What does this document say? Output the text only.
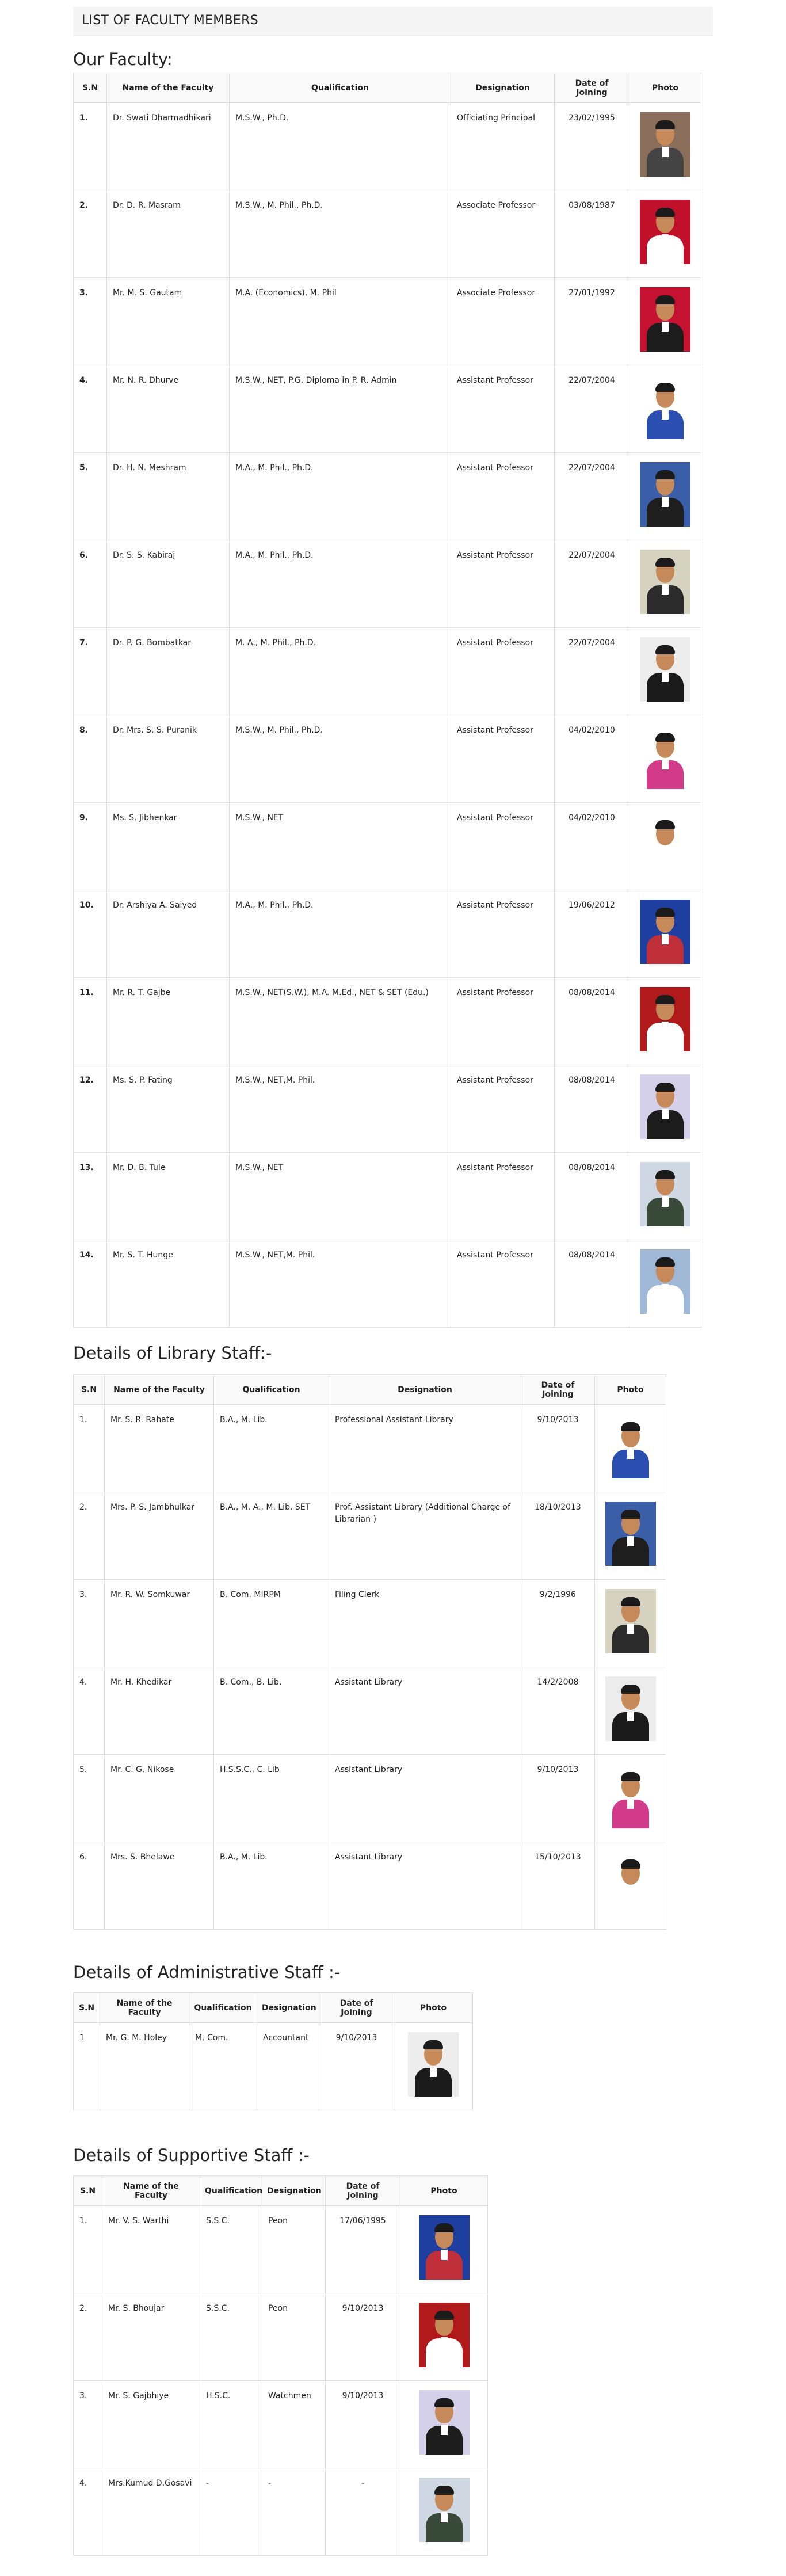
LIST OF FACULTY MEMBERS
Our Faculty:
S.N	Name of the Faculty	Qualification	Designation	Date of Joining	Photo
1.	Dr. Swati Dharmadhikari	M.S.W., Ph.D.	Officiating Principal	23/02/1995	

2.	Dr. D. R. Masram	M.S.W., M. Phil., Ph.D.	Associate Professor	03/08/1987	

3.	Mr. M. S. Gautam	M.A. (Economics), M. Phil	Associate Professor	27/01/1992	

4.	Mr. N. R. Dhurve	M.S.W., NET, P.G. Diploma in P. R. Admin	Assistant Professor	22/07/2004	

5.	Dr. H. N. Meshram	M.A., M. Phil., Ph.D.	Assistant Professor	22/07/2004	

6.	Dr. S. S. Kabiraj	M.A., M. Phil., Ph.D.	Assistant Professor	22/07/2004	

7.	Dr. P. G. Bombatkar	M. A., M. Phil., Ph.D.	Assistant Professor	22/07/2004	

8.	Dr. Mrs. S. S. Puranik	M.S.W., M. Phil., Ph.D.	Assistant Professor	04/02/2010	

9.	Ms. S. Jibhenkar	M.S.W., NET	Assistant Professor	04/02/2010	

10.	Dr. Arshiya A. Saiyed	M.A., M. Phil., Ph.D.	Assistant Professor	19/06/2012	

11.	Mr. R. T. Gajbe	M.S.W., NET(S.W.), M.A. M.Ed., NET & SET (Edu.)	Assistant Professor	08/08/2014	

12.	Ms. S. P. Fating	M.S.W., NET,M. Phil.	Assistant Professor	08/08/2014	

13.	Mr. D. B. Tule	M.S.W., NET	Assistant Professor	08/08/2014	

14.	Mr. S. T. Hunge	M.S.W., NET,M. Phil.	Assistant Professor	08/08/2014	
Details of Library Staff:-
S.N	Name of the Faculty	Qualification	Designation	Date of Joining	Photo
1.	Mr. S. R. Rahate	B.A., M. Lib.	Professional Assistant Library	9/10/2013	

2.	Mrs. P. S. Jambhulkar	B.A., M. A., M. Lib. SET	Prof. Assistant Library (Additional Charge of Librarian )	18/10/2013	

3.	Mr. R. W. Somkuwar	B. Com, MIRPM	Filing Clerk	9/2/1996	

4.	Mr. H. Khedikar	B. Com., B. Lib.	Assistant Library	14/2/2008	

5.	Mr. C. G. Nikose	H.S.S.C., C. Lib	Assistant Library	9/10/2013	

6.	Mrs. S. Bhelawe	B.A., M. Lib.	Assistant Library	15/10/2013	
Details of Administrative Staff :-
S.N	Name of the Faculty	Qualification	Designation	Date of Joining	Photo
1	Mr. G. M. Holey	M. Com.	Accountant	9/10/2013	
Details of Supportive Staff :-
S.N	Name of the Faculty	Qualification	Designation	Date of Joining	Photo
1.	Mr. V. S. Warthi	S.S.C.	Peon	17/06/1995	

2.	Mr. S. Bhoujar	S.S.C.	Peon	9/10/2013	

3.	Mr. S. Gajbhiye	H.S.C.	Watchmen	9/10/2013	

4.	Mrs.Kumud D.Gosavi	-	-	-	
